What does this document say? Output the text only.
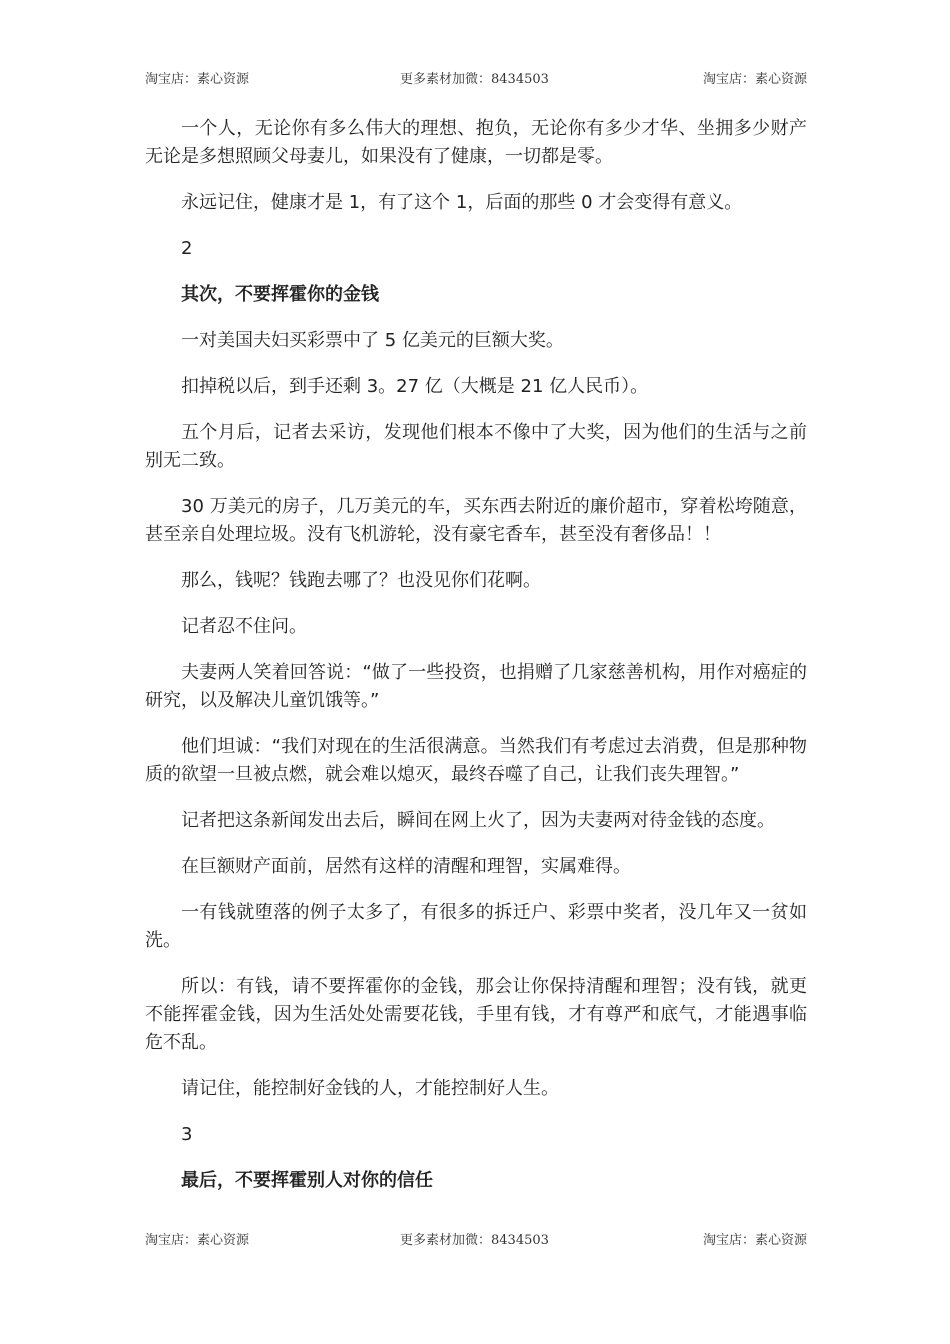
淘宝店：素心资源	更多素材加微：8434503	淘宝店：素心资源

一个人，无论你有多么伟大的理想、抱负，无论你有多少才华、坐拥多少财产无论是多想照顾父母妻儿，如果没有了健康，一切都是零。

永远记住，健康才是 1，有了这个 1，后面的那些 0 才会变得有意义。

2

其次，不要挥霍你的金钱

一对美国夫妇买彩票中了 5 亿美元的巨额大奖。

扣掉税以后，到手还剩 3。27 亿（大概是 21 亿人民币）。

五个月后，记者去采访，发现他们根本不像中了大奖，因为他们的生活与之前别无二致。

30 万美元的房子，几万美元的车，买东西去附近的廉价超市，穿着松垮随意，甚至亲自处理垃圾。没有飞机游轮，没有豪宅香车，甚至没有奢侈品！！

那么，钱呢？钱跑去哪了？也没见你们花啊。

记者忍不住问。

夫妻两人笑着回答说：“做了一些投资，也捐赠了几家慈善机构，用作对癌症的研究，以及解决儿童饥饿等。”

他们坦诚：“我们对现在的生活很满意。当然我们有考虑过去消费，但是那种物质的欲望一旦被点燃，就会难以熄灭，最终吞噬了自己，让我们丧失理智。”

记者把这条新闻发出去后，瞬间在网上火了，因为夫妻两对待金钱的态度。

在巨额财产面前，居然有这样的清醒和理智，实属难得。

一有钱就堕落的例子太多了，有很多的拆迁户、彩票中奖者，没几年又一贫如洗。

所以：有钱，请不要挥霍你的金钱，那会让你保持清醒和理智；没有钱，就更不能挥霍金钱，因为生活处处需要花钱，手里有钱，才有尊严和底气，才能遇事临危不乱。

请记住，能控制好金钱的人，才能控制好人生。

3

最后，不要挥霍别人对你的信任

淘宝店：素心资源	更多素材加微：8434503	淘宝店：素心资源
